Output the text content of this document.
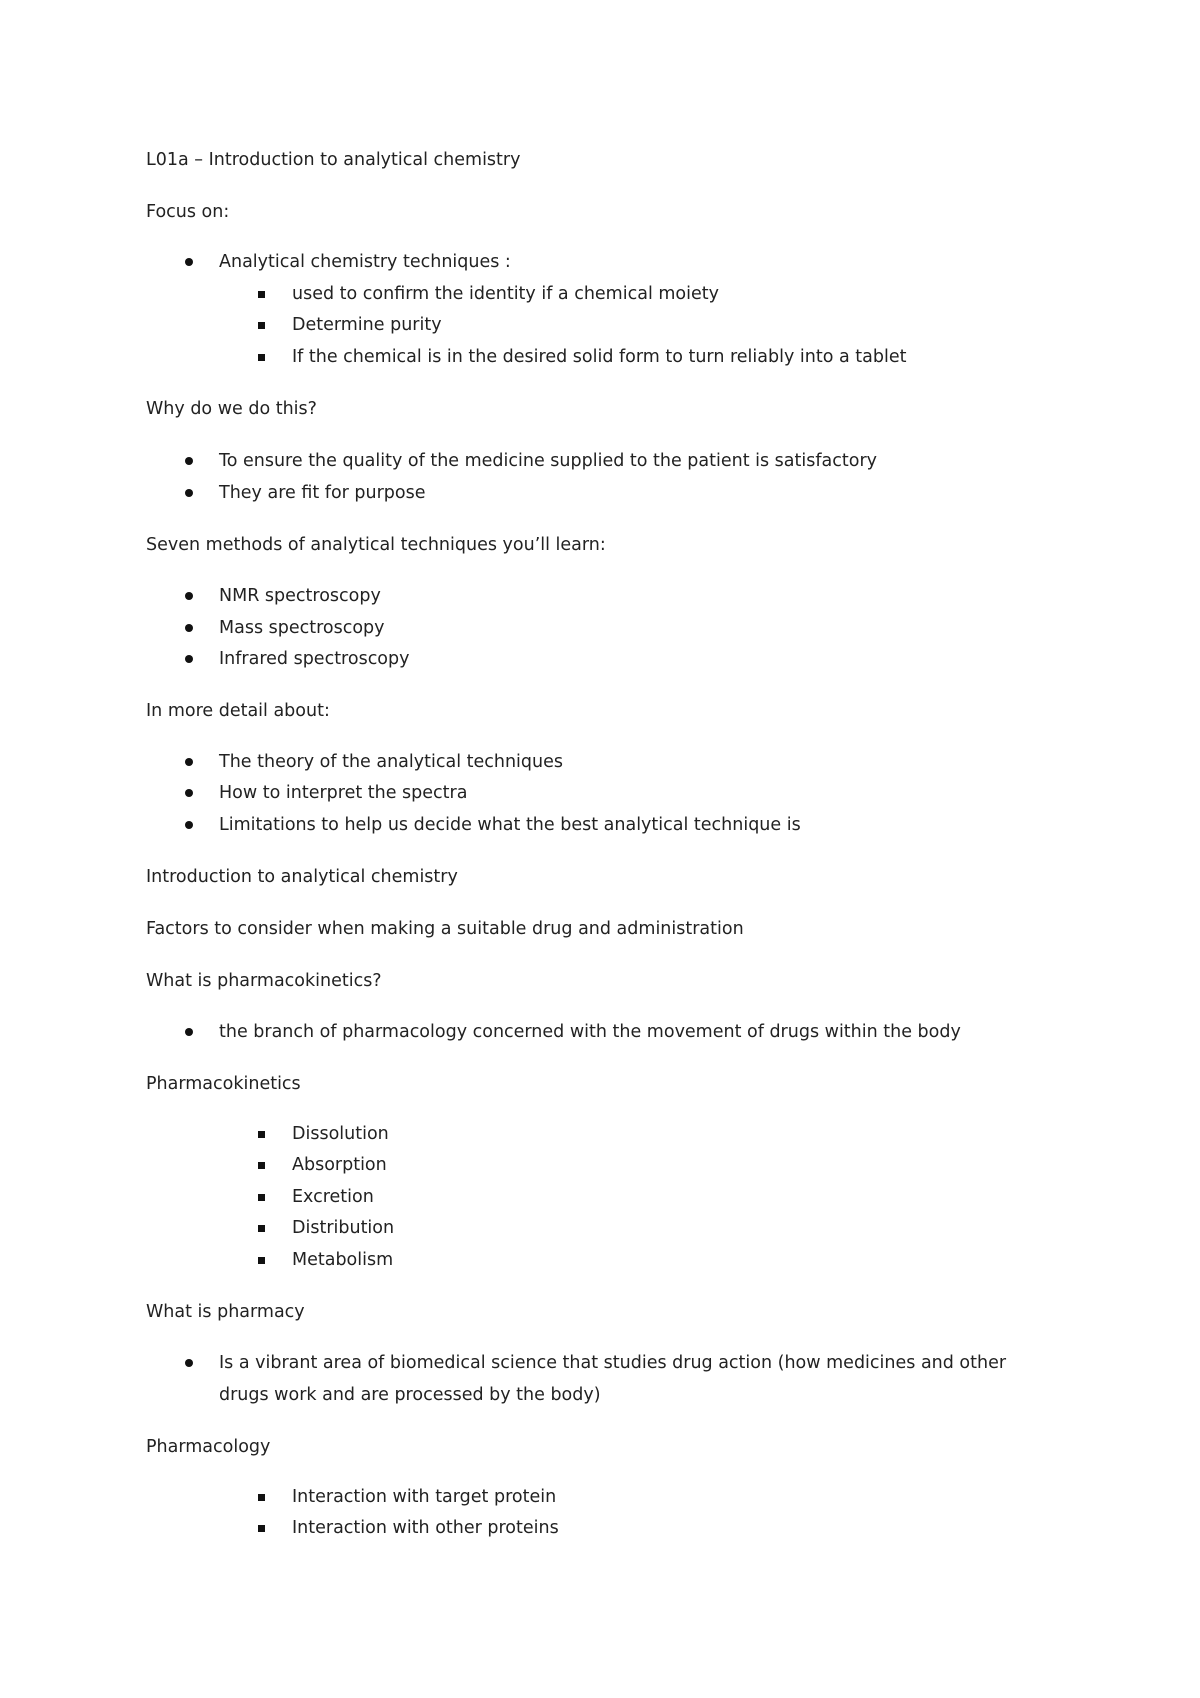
L01a – Introduction to analytical chemistry
Focus on:
Analytical chemistry techniques :
used to confirm the identity if a chemical moiety
Determine purity
If the chemical is in the desired solid form to turn reliably into a tablet
Why do we do this?
To ensure the quality of the medicine supplied to the patient is satisfactory
They are fit for purpose
Seven methods of analytical techniques you’ll learn:
NMR spectroscopy
Mass spectroscopy
Infrared spectroscopy
In more detail about:
The theory of the analytical techniques
How to interpret the spectra
Limitations to help us decide what the best analytical technique is
Introduction to analytical chemistry
Factors to consider when making a suitable drug and administration
What is pharmacokinetics?
the branch of pharmacology concerned with the movement of drugs within the body
Pharmacokinetics
Dissolution
Absorption
Excretion
Distribution
Metabolism
What is pharmacy
Is a vibrant area of biomedical science that studies drug action (how medicines and other
drugs work and are processed by the body)
Pharmacology
Interaction with target protein
Interaction with other proteins
